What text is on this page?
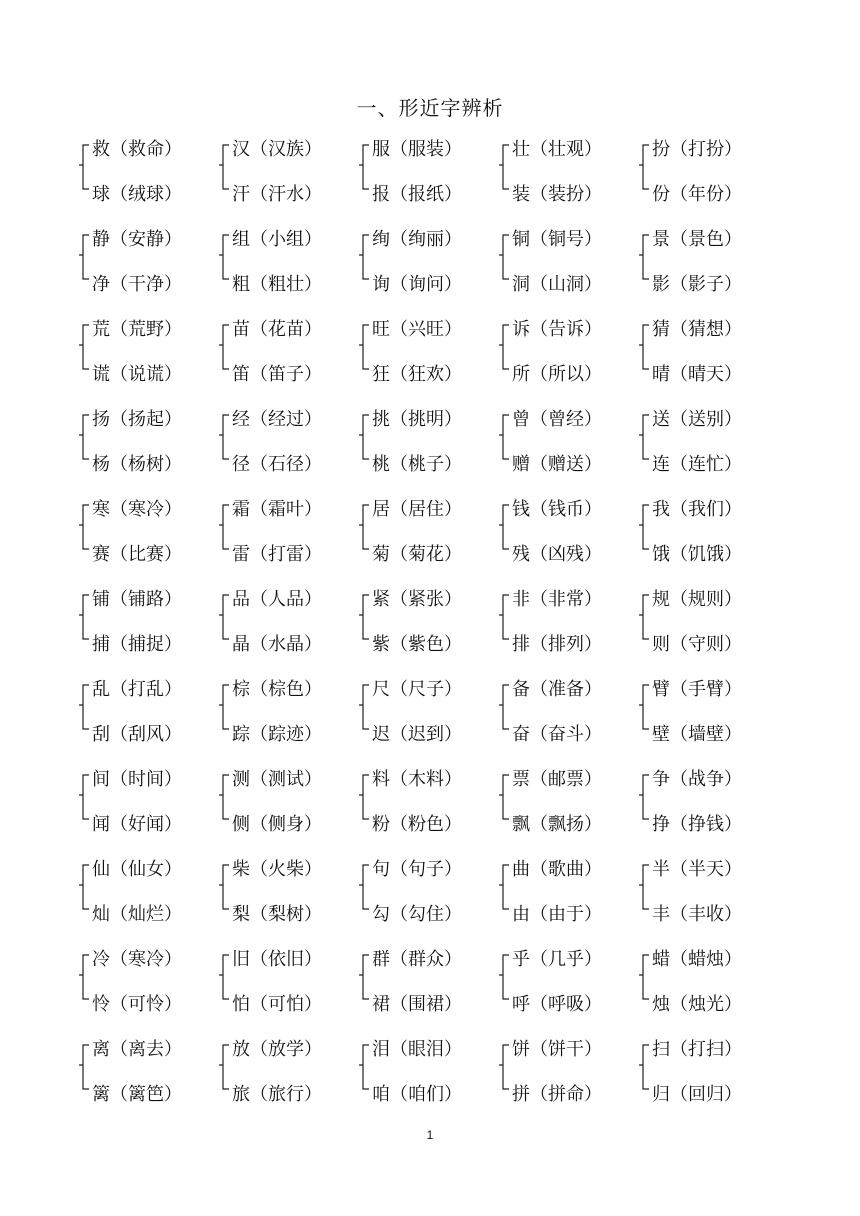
一、形近字辨析
救（救命）
球（绒球）
汉（汉族）
汗（汗水）
服（服装）
报（报纸）
壮（壮观）
装（装扮）
扮（打扮）
份（年份）
静（安静）
净（干净）
组（小组）
粗（粗壮）
绚（绚丽）
询（询问）
铜（铜号）
洞（山洞）
景（景色）
影（影子）
荒（荒野）
谎（说谎）
苗（花苗）
笛（笛子）
旺（兴旺）
狂（狂欢）
诉（告诉）
所（所以）
猜（猜想）
晴（晴天）
扬（扬起）
杨（杨树）
经（经过）
径（石径）
挑（挑明）
桃（桃子）
曾（曾经）
赠（赠送）
送（送别）
连（连忙）
寒（寒冷）
赛（比赛）
霜（霜叶）
雷（打雷）
居（居住）
菊（菊花）
钱（钱币）
残（凶残）
我（我们）
饿（饥饿）
铺（铺路）
捕（捕捉）
品（人品）
晶（水晶）
紧（紧张）
紫（紫色）
非（非常）
排（排列）
规（规则）
则（守则）
乱（打乱）
刮（刮风）
棕（棕色）
踪（踪迹）
尺（尺子）
迟（迟到）
备（准备）
奋（奋斗）
臂（手臂）
壁（墙壁）
间（时间）
闻（好闻）
测（测试）
侧（侧身）
料（木料）
粉（粉色）
票（邮票）
飘（飘扬）
争（战争）
挣（挣钱）
仙（仙女）
灿（灿烂）
柴（火柴）
梨（梨树）
句（句子）
勾（勾住）
曲（歌曲）
由（由于）
半（半天）
丰（丰收）
冷（寒冷）
怜（可怜）
旧（依旧）
怕（可怕）
群（群众）
裙（围裙）
乎（几乎）
呼（呼吸）
蜡（蜡烛）
烛（烛光）
离（离去）
篱（篱笆）
放（放学）
旅（旅行）
泪（眼泪）
咱（咱们）
饼（饼干）
拼（拼命）
扫（打扫）
归（回归）
1
